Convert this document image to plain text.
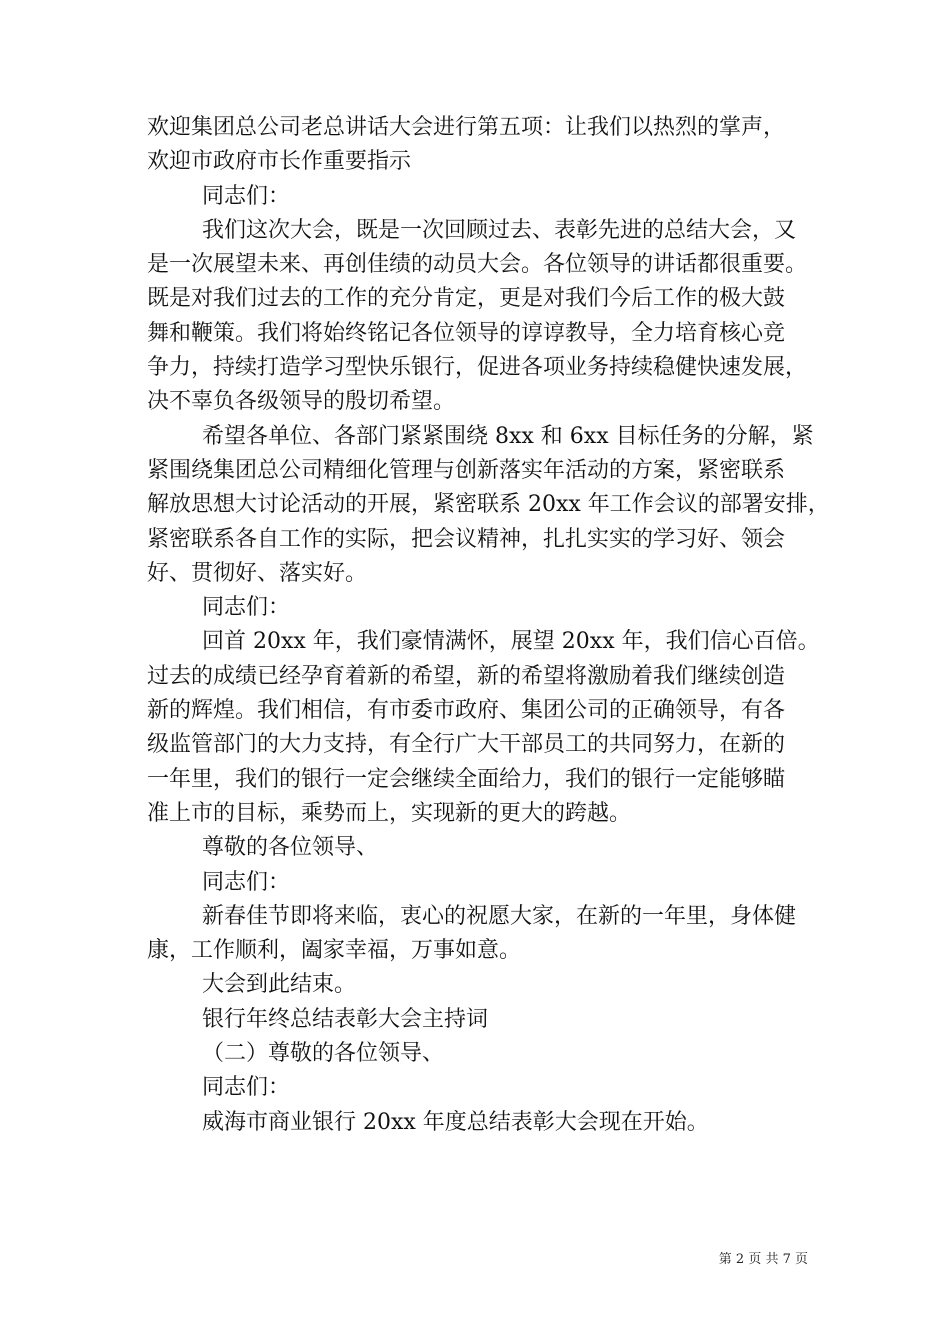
欢迎集团总公司老总讲话大会进行第五项：让我们以热烈的掌声，
欢迎市政府市长作重要指示
同志们：
我们这次大会，既是一次回顾过去、表彰先进的总结大会，又
是一次展望未来、再创佳绩的动员大会。各位领导的讲话都很重要。
既是对我们过去的工作的充分肯定，更是对我们今后工作的极大鼓
舞和鞭策。我们将始终铭记各位领导的谆谆教导，全力培育核心竞
争力，持续打造学习型快乐银行，促进各项业务持续稳健快速发展，
决不辜负各级领导的殷切希望。
希望各单位、各部门紧紧围绕 8xx 和 6xx 目标任务的分解，紧
紧围绕集团总公司精细化管理与创新落实年活动的方案，紧密联系
解放思想大讨论活动的开展，紧密联系 20xx 年工作会议的部署安排，
紧密联系各自工作的实际，把会议精神，扎扎实实的学习好、领会
好、贯彻好、落实好。
同志们：
回首 20xx 年，我们豪情满怀，展望 20xx 年，我们信心百倍。
过去的成绩已经孕育着新的希望，新的希望将激励着我们继续创造
新的辉煌。我们相信，有市委市政府、集团公司的正确领导，有各
级监管部门的大力支持，有全行广大干部员工的共同努力，在新的
一年里，我们的银行一定会继续全面给力，我们的银行一定能够瞄
准上市的目标，乘势而上，实现新的更大的跨越。
尊敬的各位领导、
同志们：
新春佳节即将来临，衷心的祝愿大家，在新的一年里，身体健
康，工作顺利，阖家幸福，万事如意。
大会到此结束。
银行年终总结表彰大会主持词
（二）尊敬的各位领导、
同志们：
威海市商业银行 20xx 年度总结表彰大会现在开始。
第 2 页 共 7 页
